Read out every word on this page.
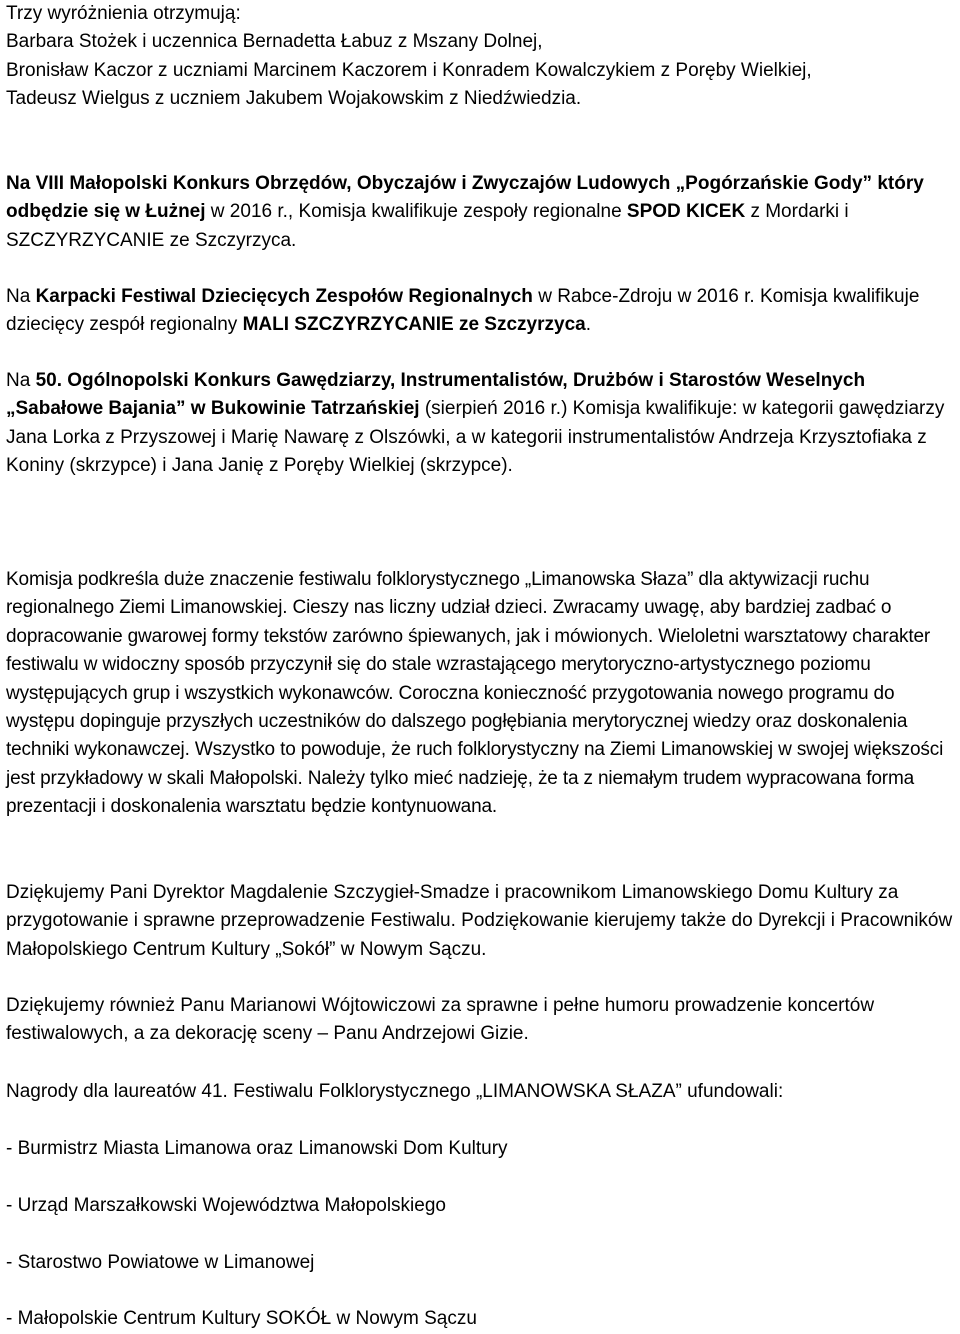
Trzy wyróżnienia otrzymują:
Barbara Stożek i uczennica Bernadetta Łabuz z Mszany Dolnej,
Bronisław Kaczor z uczniami Marcinem Kaczorem i Konradem Kowalczykiem z Poręby Wielkiej,
Tadeusz Wielgus z uczniem Jakubem Wojakowskim z Niedźwiedzia.

Na VIII Małopolski Konkurs Obrzędów, Obyczajów i Zwyczajów Ludowych „Pogórzańskie Gody” który odbędzie się w Łużnej w 2016 r., Komisja kwalifikuje zespoły regionalne SPOD KICEK z Mordarki i SZCZYRZYCANIE ze Szczyrzyca.

Na Karpacki Festiwal Dziecięcych Zespołów Regionalnych w Rabce-Zdroju w 2016 r. Komisja kwalifikuje dziecięcy zespół regionalny MALI SZCZYRZYCANIE ze Szczyrzyca.

Na 50. Ogólnopolski Konkurs Gawędziarzy, Instrumentalistów, Drużbów i Starostów Weselnych „Sabałowe Bajania” w Bukowinie Tatrzańskiej (sierpień 2016 r.) Komisja kwalifikuje: w kategorii gawędziarzy Jana Lorka z Przyszowej i Marię Nawarę z Olszówki, a w kategorii instrumentalistów Andrzeja Krzysztofiaka z Koniny (skrzypce) i Jana Janię z Poręby Wielkiej (skrzypce).

Komisja podkreśla duże znaczenie festiwalu folklorystycznego „Limanowska Słaza” dla aktywizacji ruchu regionalnego Ziemi Limanowskiej. Cieszy nas liczny udział dzieci. Zwracamy uwagę, aby bardziej zadbać o dopracowanie gwarowej formy tekstów zarówno śpiewanych, jak i mówionych. Wieloletni warsztatowy charakter festiwalu w widoczny sposób przyczynił się do stale wzrastającego merytoryczno-artystycznego poziomu występujących grup i wszystkich wykonawców. Coroczna konieczność przygotowania nowego programu do występu dopinguje przyszłych uczestników do dalszego pogłębiania merytorycznej wiedzy oraz doskonalenia techniki wykonawczej. Wszystko to powoduje, że ruch folklorystyczny na Ziemi Limanowskiej w swojej większości jest przykładowy w skali Małopolski. Należy tylko mieć nadzieję, że ta z niemałym trudem wypracowana forma prezentacji i doskonalenia warsztatu będzie kontynuowana.

Dziękujemy Pani Dyrektor Magdalenie Szczygieł-Smadze i pracownikom Limanowskiego Domu Kultury za przygotowanie i sprawne przeprowadzenie Festiwalu. Podziękowanie kierujemy także do Dyrekcji i Pracowników Małopolskiego Centrum Kultury „Sokół” w Nowym Sączu.

Dziękujemy również Panu Marianowi Wójtowiczowi za sprawne i pełne humoru prowadzenie koncertów festiwalowych, a za dekorację sceny – Panu Andrzejowi Gizie.

Nagrody dla laureatów 41. Festiwalu Folklorystycznego „LIMANOWSKA SŁAZA” ufundowali:

- Burmistrz Miasta Limanowa oraz Limanowski Dom Kultury

- Urząd Marszałkowski Województwa Małopolskiego

- Starostwo Powiatowe w Limanowej

- Małopolskie Centrum Kultury SOKÓŁ w Nowym Sączu
